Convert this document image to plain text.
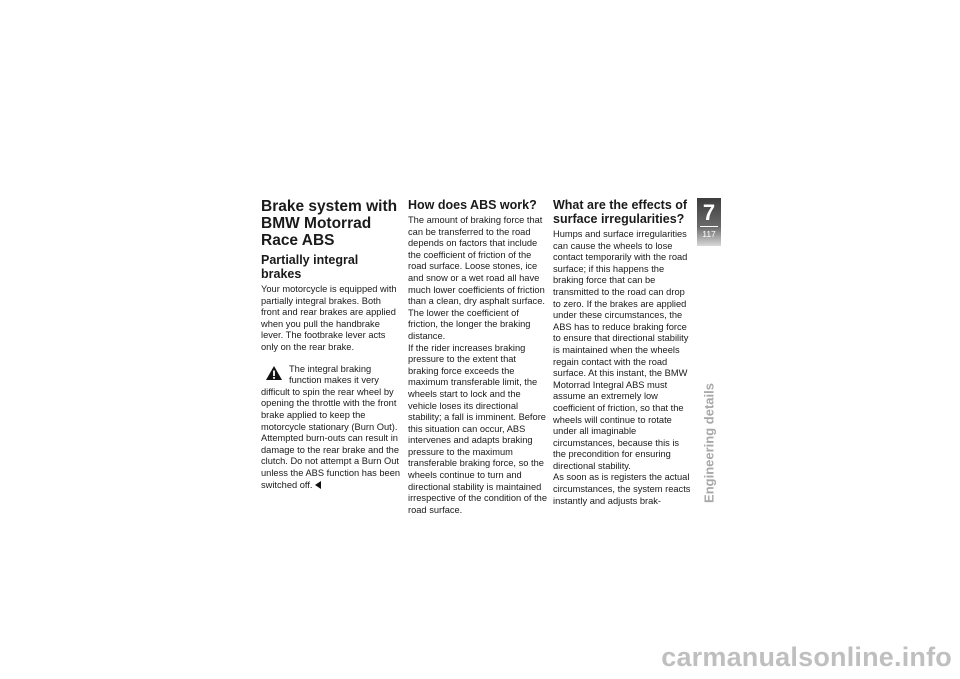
Brake system with BMW Motorrad Race ABS
Partially integral brakes

Your motorcycle is equipped with partially integral brakes. Both front and rear brakes are applied when you pull the handbrake lever. The footbrake lever acts only on the rear brake.

The integral braking function makes it very difficult to spin the rear wheel by opening the throttle with the front brake applied to keep the motorcycle stationary (Burn Out). Attempted burn-outs can result in damage to the rear brake and the clutch. Do not attempt a Burn Out unless the ABS function has been switched off.

How does ABS work?

The amount of braking force that can be transferred to the road depends on factors that include the coefficient of friction of the road surface. Loose stones, ice and snow or a wet road all have much lower coefficients of friction than a clean, dry asphalt surface. The lower the coefficient of friction, the longer the braking distance.

If the rider increases braking pressure to the extent that braking force exceeds the maximum transferable limit, the wheels start to lock and the vehicle loses its directional stability; a fall is imminent. Before this situation can occur, ABS intervenes and adapts braking pressure to the maximum transferable braking force, so the wheels continue to turn and directional stability is maintained irrespective of the condition of the road surface.

What are the effects of surface irregularities?

Humps and surface irregularities can cause the wheels to lose contact temporarily with the road surface; if this happens the braking force that can be transmitted to the road can drop to zero. If the brakes are applied under these circumstances, the ABS has to reduce braking force to ensure that directional stability is maintained when the wheels regain contact with the road surface. At this instant, the BMW Motorrad Integral ABS must assume an extremely low coefficient of friction, so that the wheels will continue to rotate under all imaginable circumstances, because this is the precondition for ensuring directional stability.

As soon as is registers the actual circumstances, the system reacts instantly and adjusts brak-

7
117
Engineering details
carmanualsonline.info
